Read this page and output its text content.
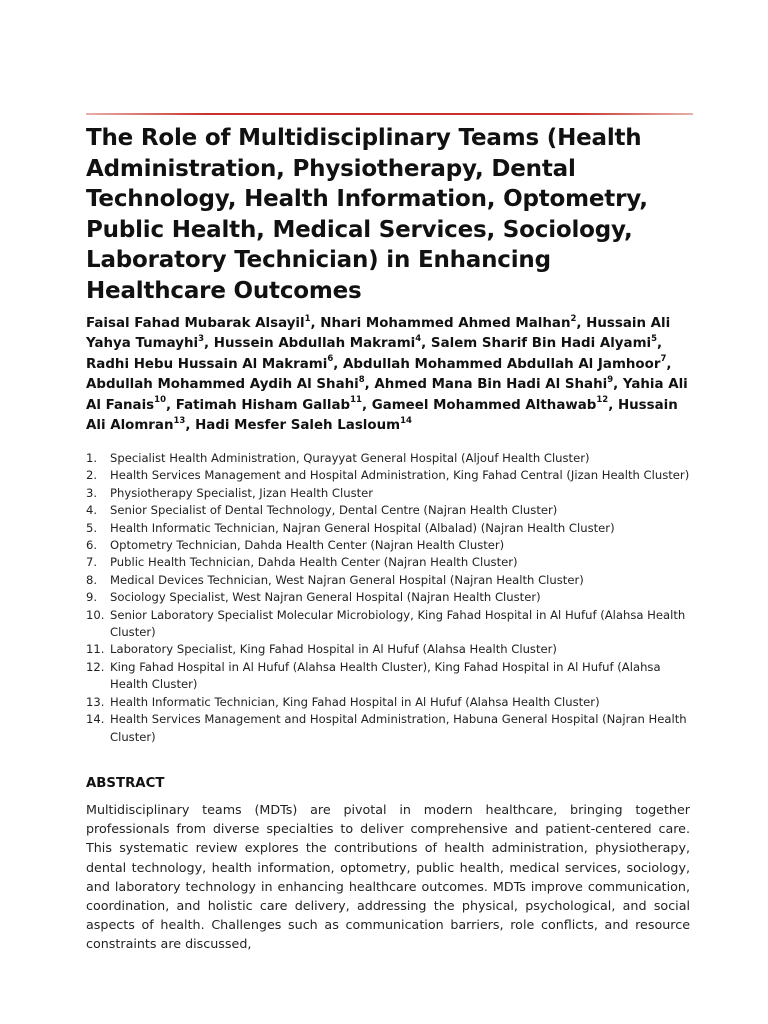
The Role of Multidisciplinary Teams (Health Administration, Physiotherapy, Dental Technology, Health Information, Optometry, Public Health, Medical Services, Sociology, Laboratory Technician) in Enhancing Healthcare Outcomes

Faisal Fahad Mubarak Alsayil$^1$, Nhari Mohammed Ahmed Malhan$^2$, Hussain Ali Yahya Tumayhi$^3$, Hussein Abdullah Makrami$^4$, Salem Sharif Bin Hadi Alyami$^5$, Radhi Hebu Hussain Al Makrami$^6$, Abdullah Mohammed Abdullah Al Jamhoor$^7$, Abdullah Mohammed Aydih Al Shahi$^8$, Ahmed Mana Bin Hadi Al Shahi$^9$, Yahia Ali Al Fanais$^{10}$, Fatimah Hisham Gallab$^{11}$, Gameel Mohammed Althawab$^{12}$, Hussain Ali Alomran$^{13}$, Hadi Mesfer Saleh Lasloum$^{14}$

1. Specialist Health Administration, Qurayyat General Hospital (Aljouf Health Cluster)
2. Health Services Management and Hospital Administration, King Fahad Central (Jizan Health Cluster)
3. Physiotherapy Specialist, Jizan Health Cluster
4. Senior Specialist of Dental Technology, Dental Centre (Najran Health Cluster)
5. Health Informatic Technician, Najran General Hospital (Albalad) (Najran Health Cluster)
6. Optometry Technician, Dahda Health Center (Najran Health Cluster)
7. Public Health Technician, Dahda Health Center (Najran Health Cluster)
8. Medical Devices Technician, West Najran General Hospital (Najran Health Cluster)
9. Sociology Specialist, West Najran General Hospital (Najran Health Cluster)
10. Senior Laboratory Specialist Molecular Microbiology, King Fahad Hospital in Al Hufuf (Alahsa Health Cluster)
11. Laboratory Specialist, King Fahad Hospital in Al Hufuf (Alahsa Health Cluster)
12. King Fahad Hospital in Al Hufuf (Alahsa Health Cluster), King Fahad Hospital in Al Hufuf (Alahsa Health Cluster)
13. Health Informatic Technician, King Fahad Hospital in Al Hufuf (Alahsa Health Cluster)
14. Health Services Management and Hospital Administration, Habuna General Hospital (Najran Health Cluster)
ABSTRACT

Multidisciplinary teams (MDTs) are pivotal in modern healthcare, bringing together professionals from diverse specialties to deliver comprehensive and patient-centered care. This systematic review explores the contributions of health administration, physiotherapy, dental technology, health information, optometry, public health, medical services, sociology, and laboratory technology in enhancing healthcare outcomes. MDTs improve communication, coordination, and holistic care delivery, addressing the physical, psychological, and social aspects of health. Challenges such as communication barriers, role conflicts, and resource constraints are discussed,
